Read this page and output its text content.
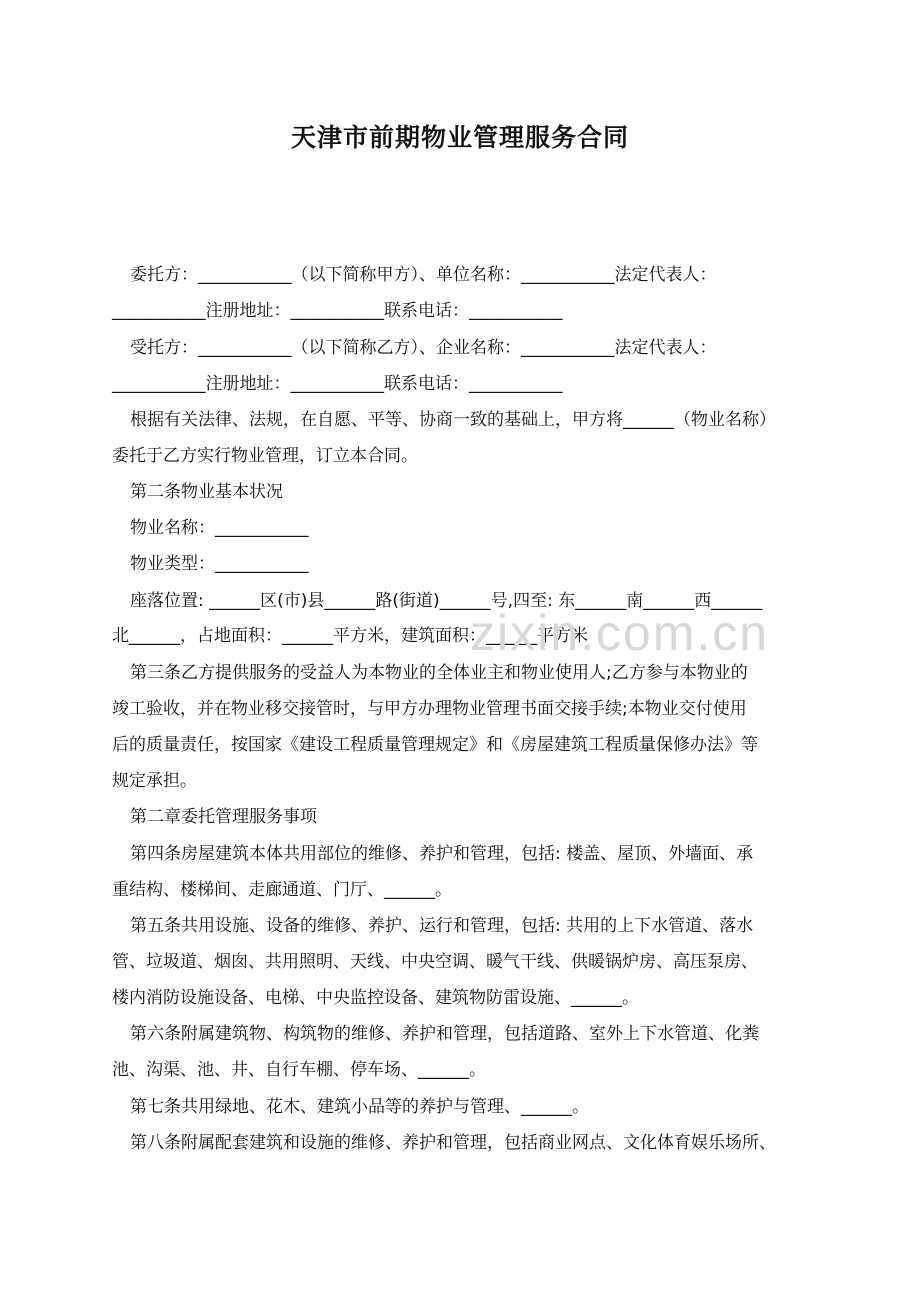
天津市前期物业管理服务合同
委托方：___________（以下简称甲方）、单位名称：___________法定代表人：
___________注册地址：___________联系电话：___________
受托方：___________（以下简称乙方）、企业名称：___________法定代表人：
___________注册地址：___________联系电话：___________
根据有关法律、法规，在自愿、平等、协商一致的基础上，甲方将______（物业名称）
委托于乙方实行物业管理，订立本合同。
第二条物业基本状况
物业名称：___________
物业类型：___________
座落位置: ______区(市)县______路(街道)______号,四至: 东______南______西______
北______，占地面积：______平方米，建筑面积：______平方米
第三条乙方提供服务的受益人为本物业的全体业主和物业使用人;乙方参与本物业的
竣工验收，并在物业移交接管时，与甲方办理物业管理书面交接手续;本物业交付使用
后的质量责任，按国家《建设工程质量管理规定》和《房屋建筑工程质量保修办法》等
规定承担。
第二章委托管理服务事项
第四条房屋建筑本体共用部位的维修、养护和管理，包括: 楼盖、屋顶、外墙面、承
重结构、楼梯间、走廊通道、门厅、______。
第五条共用设施、设备的维修、养护、运行和管理，包括: 共用的上下水管道、落水
管、垃圾道、烟囱、共用照明、天线、中央空调、暖气干线、供暖锅炉房、高压泵房、
楼内消防设施设备、电梯、中央监控设备、建筑物防雷设施、______。
第六条附属建筑物、构筑物的维修、养护和管理，包括道路、室外上下水管道、化粪
池、沟渠、池、井、自行车棚、停车场、______。
第七条共用绿地、花木、建筑小品等的养护与管理、______。
第八条附属配套建筑和设施的维修、养护和管理，包括商业网点、文化体育娱乐场所、
zixin.com.cn
